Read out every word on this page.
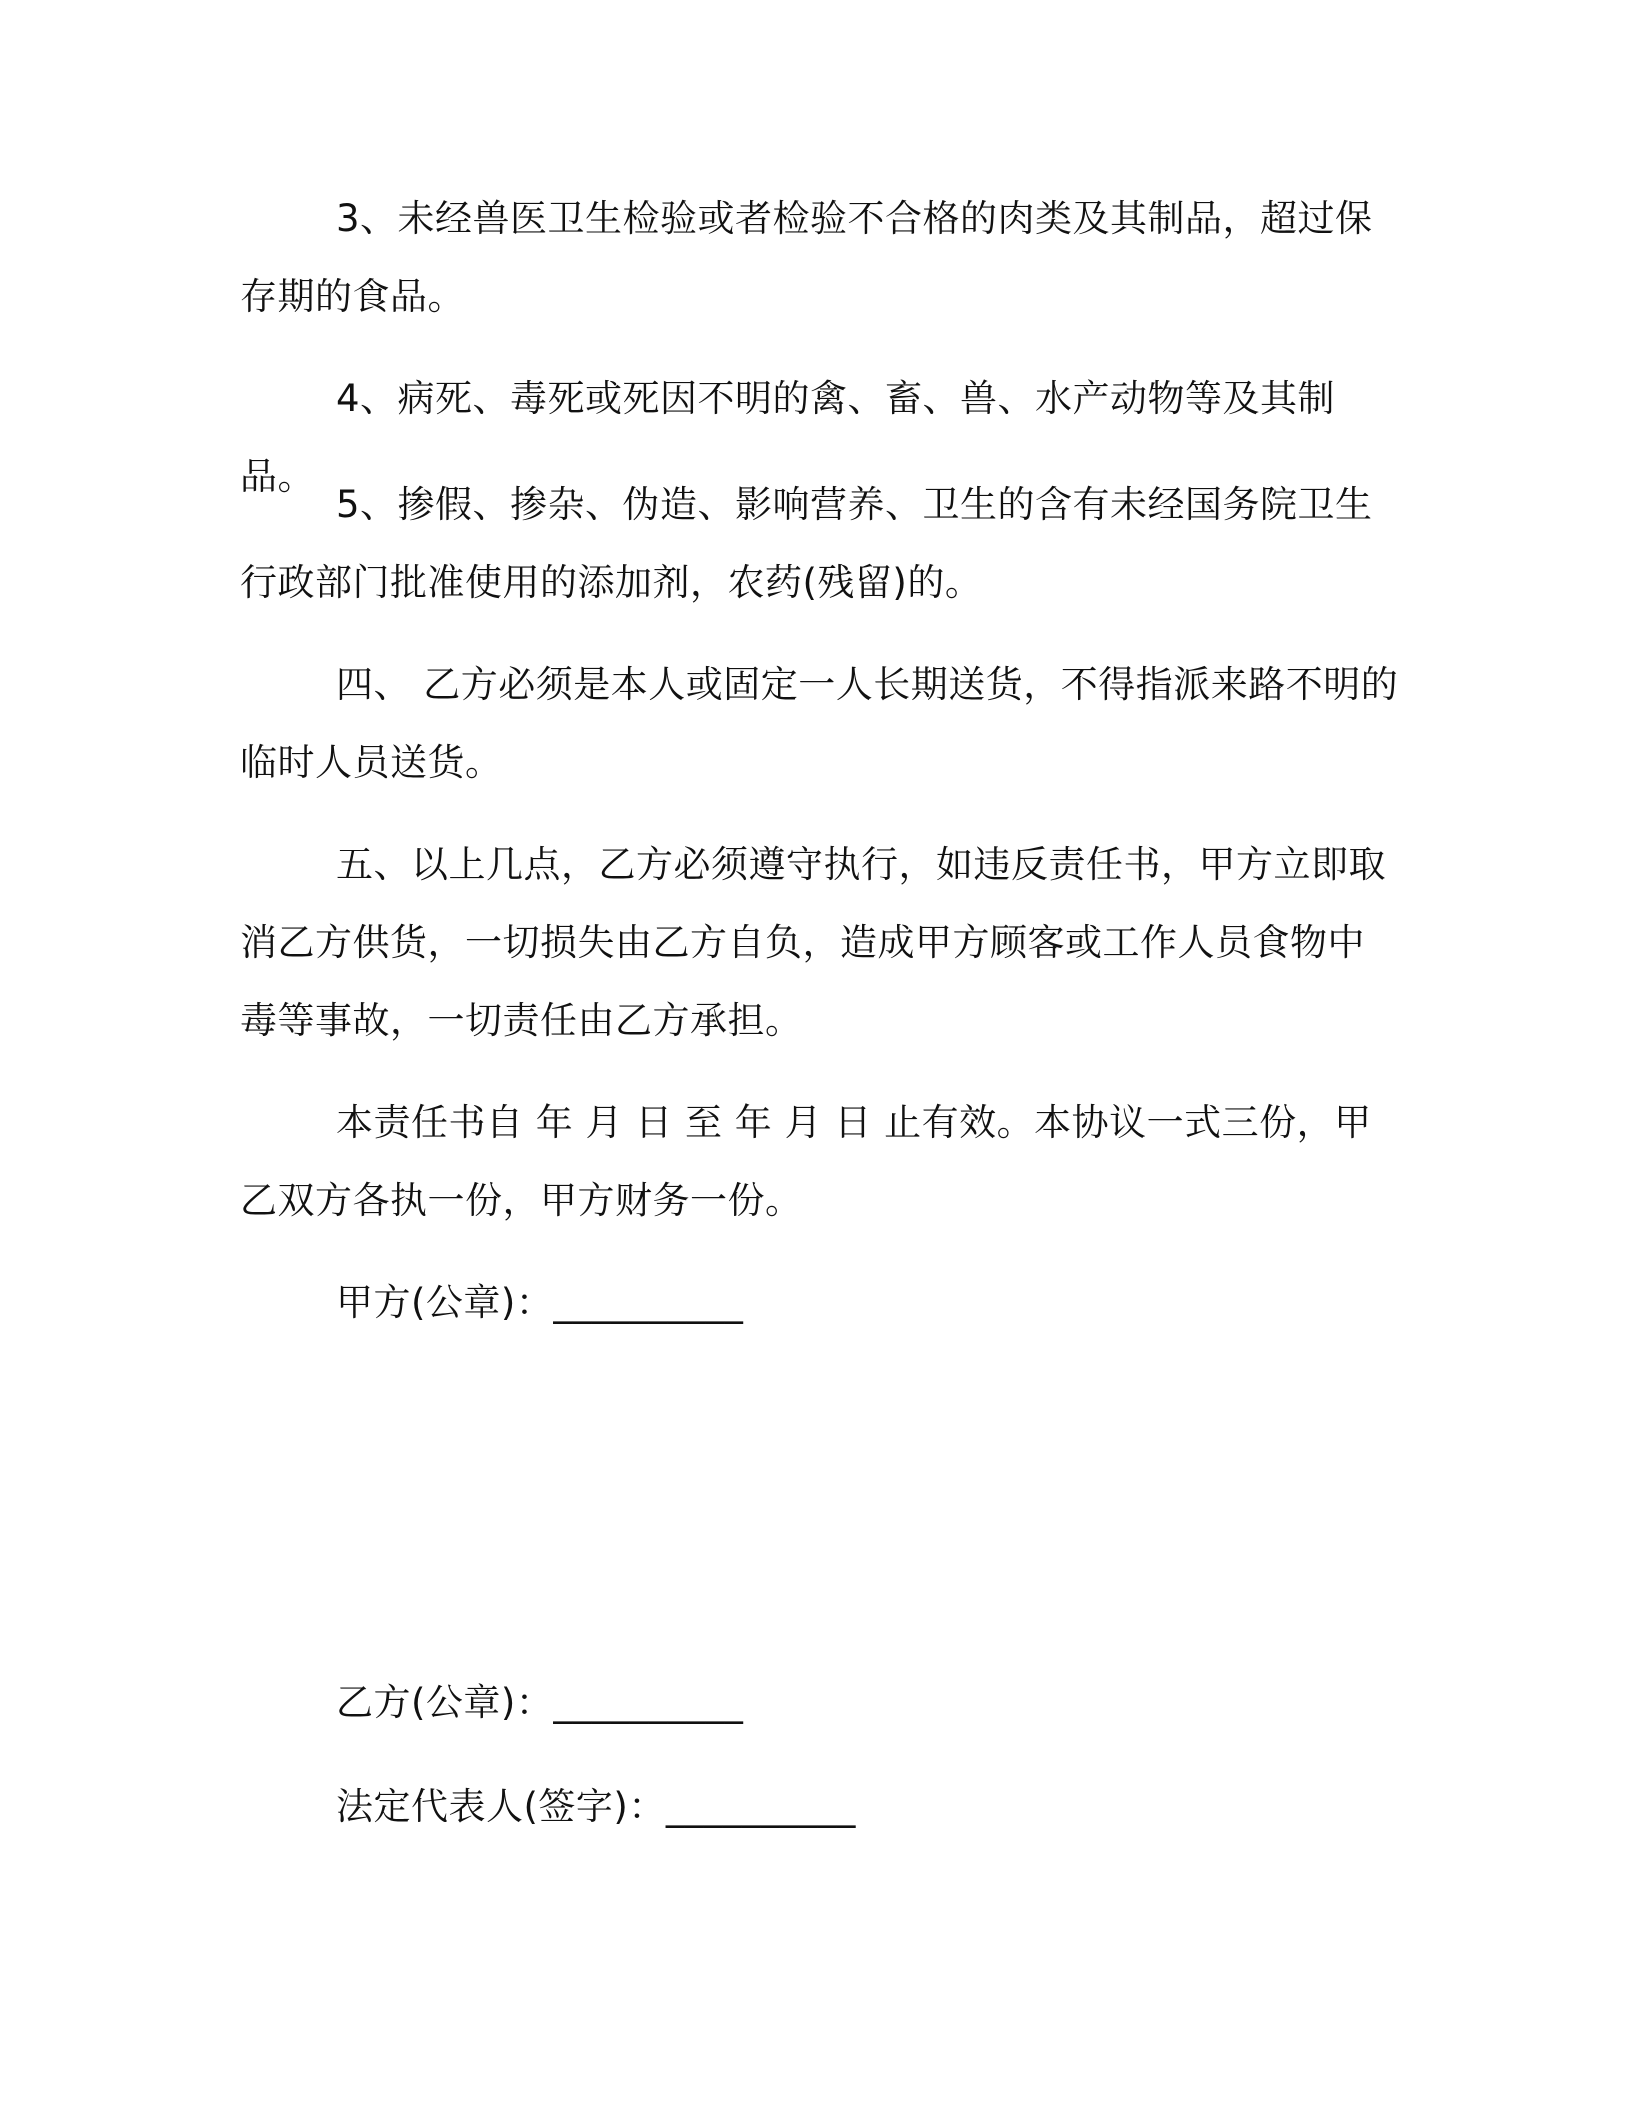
3、未经兽医卫生检验或者检验不合格的肉类及其制品，超过保存期的食品。

4、病死、毒死或死因不明的禽、畜、兽、水产动物等及其制品。

5、掺假、掺杂、伪造、影响营养、卫生的含有未经国务院卫生行政部门批准使用的添加剂，农药(残留)的。

四、 乙方必须是本人或固定一人长期送货，不得指派来路不明的临时人员送货。

五、以上几点，乙方必须遵守执行，如违反责任书，甲方立即取消乙方供货，一切损失由乙方自负，造成甲方顾客或工作人员食物中毒等事故，一切责任由乙方承担。

本责任书自 年 月 日 至 年 月 日 止有效。本协议一式三份，甲乙双方各执一份，甲方财务一份。

甲方(公章)：__________
乙方(公章)：__________
法定代表人(签字)：__________
